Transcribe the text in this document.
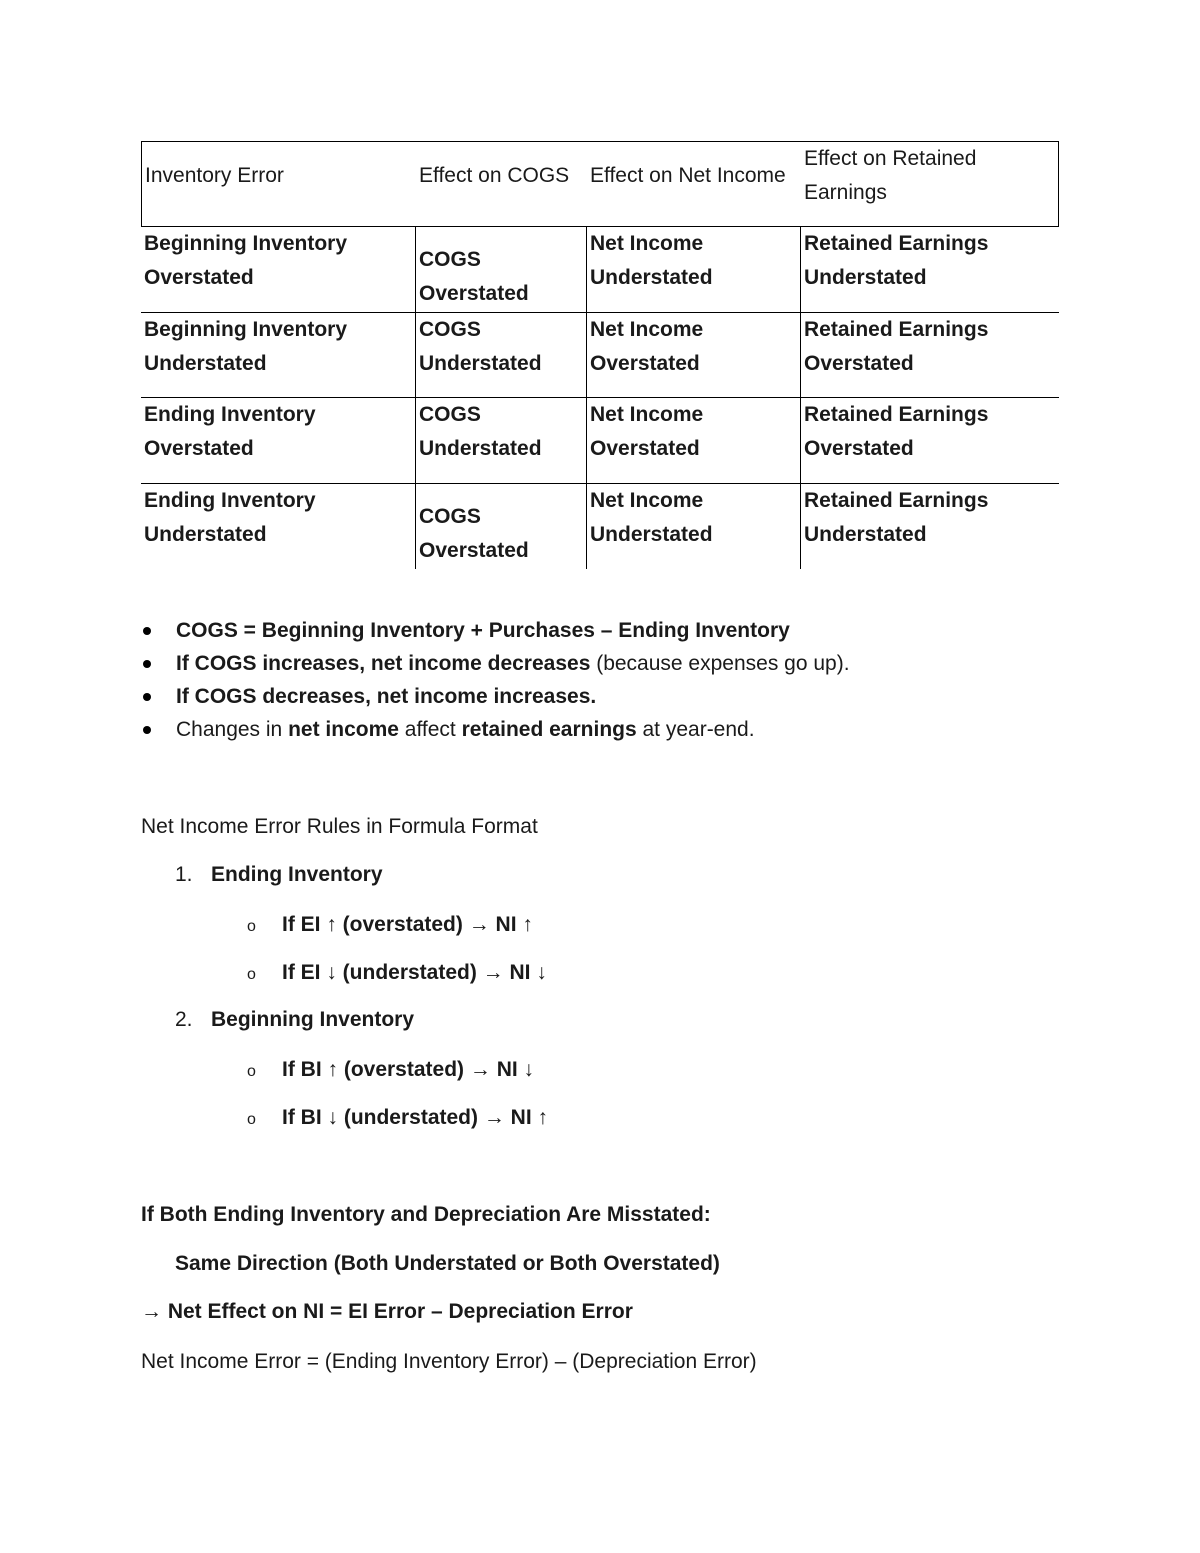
Inventory Error	Effect on COGS Effect on Net Income
Effect on Retained Earnings
Beginning Inventory Overstated
COGS Overstated
Net Income Understated
Retained Earnings Understated
Beginning Inventory Understated
COGS Understated
Net Income Overstated
Retained Earnings Overstated
Ending Inventory Overstated
COGS Understated
Net Income Overstated
Retained Earnings Overstated
Ending Inventory Understated
COGS Overstated
Net Income Understated
Retained Earnings Understated
COGS = Beginning Inventory + Purchases – Ending Inventory
If COGS increases, net income decreases (because expenses go up).
If COGS decreases, net income increases.
Changes in net income affect retained earnings at year-end.
Net Income Error Rules in Formula Format
1. Ending Inventory
o If EI ↑ (overstated) → NI ↑
o If EI ↓ (understated) → NI ↓
2. Beginning Inventory
o If BI ↑ (overstated) → NI ↓
o If BI ↓ (understated) → NI ↑
If Both Ending Inventory and Depreciation Are Misstated:
Same Direction (Both Understated or Both Overstated)
→ Net Effect on NI = EI Error – Depreciation Error
Net Income Error = (Ending Inventory Error) – (Depreciation Error)
